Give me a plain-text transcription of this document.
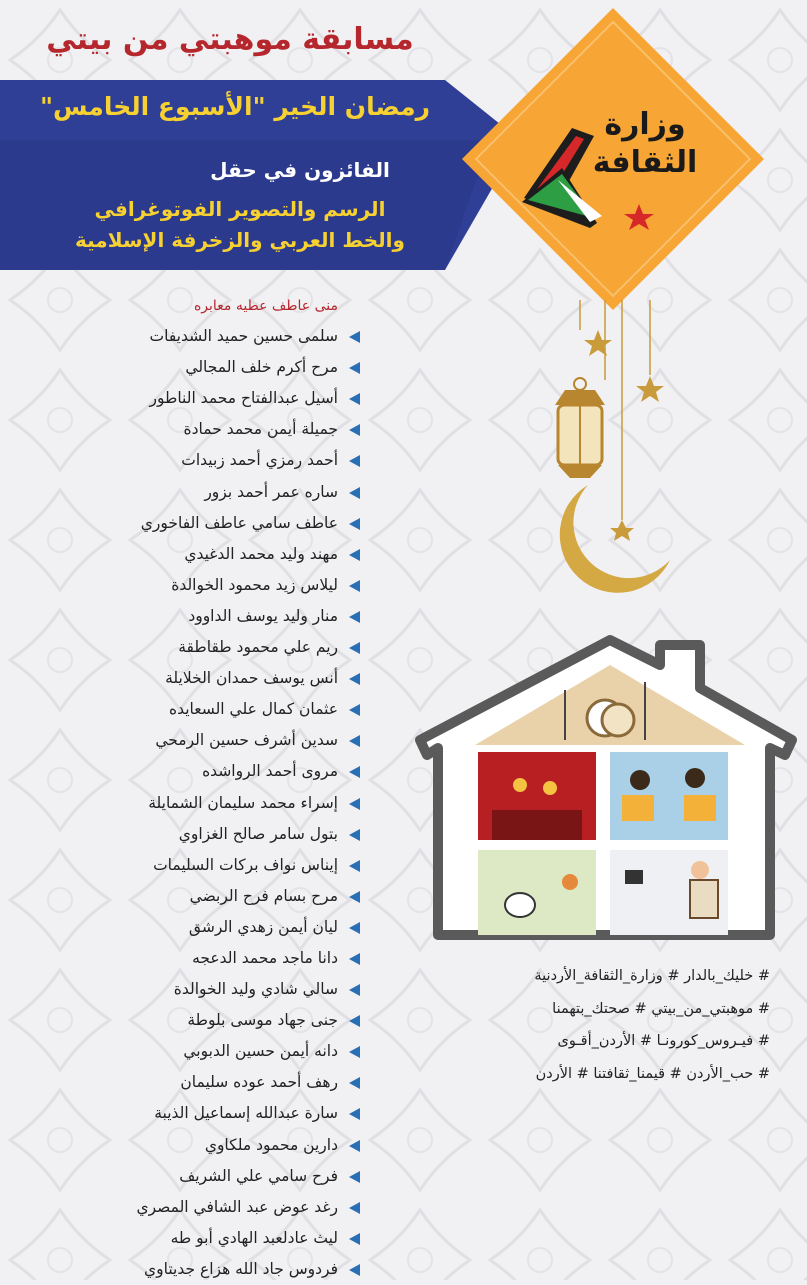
مسابقة موهبتي من بيتي
رمضان الخير "الأسبوع الخامس"
الفائزون في حقل
الرسم والتصوير الفوتوغرافي
والخط العربي والزخرفة الإسلامية
وزارة
الثقافة
منى عاطف عطيه معابره
سلمى حسين حميد الشديفات
مرح أكرم خلف المجالي
أسيل عبدالفتاح محمد الناطور
جميلة أيمن محمد حمادة
أحمد رمزي أحمد زبيدات
ساره عمر أحمد بزور
عاطف سامي عاطف الفاخوري
مهند وليد محمد الدغيدي
ليلاس زيد محمود الخوالدة
منار وليد يوسف الداوود
ريم علي محمود طقاطقة
أنس يوسف حمدان الخلايلة
عثمان كمال علي السعايده
سدين أشرف حسين الرمحي
مروى أحمد الرواشده
إسراء محمد سليمان الشمايلة
بتول سامر صالح الغزاوي
إيناس نواف بركات السليمات
مرح بسام فرح الربضي
ليان أيمن زهدي الرشق
دانا ماجد محمد الدعجه
سالي شادي وليد الخوالدة
جنى جهاد موسى بلوطة
دانه أيمن حسين الدبوبي
رهف أحمد عوده سليمان
سارة عبدالله إسماعيل الذيبة
دارين محمود ملكاوي
فرح سامي علي الشريف
رغد عوض عبد الشافي المصري
ليث عادلعبد الهادي أبو طه
فردوس جاد الله هزاع جديتاوي
# خليك_بالدار # وزارة_الثقافة_الأردنية
# موهبتي_من_بيتي # صحتك_بتهمنا
# فيـروس_كورونـا # الأردن_أقـوى
# حب_الأردن # قيمنا_ثقافتنا # الأردن
